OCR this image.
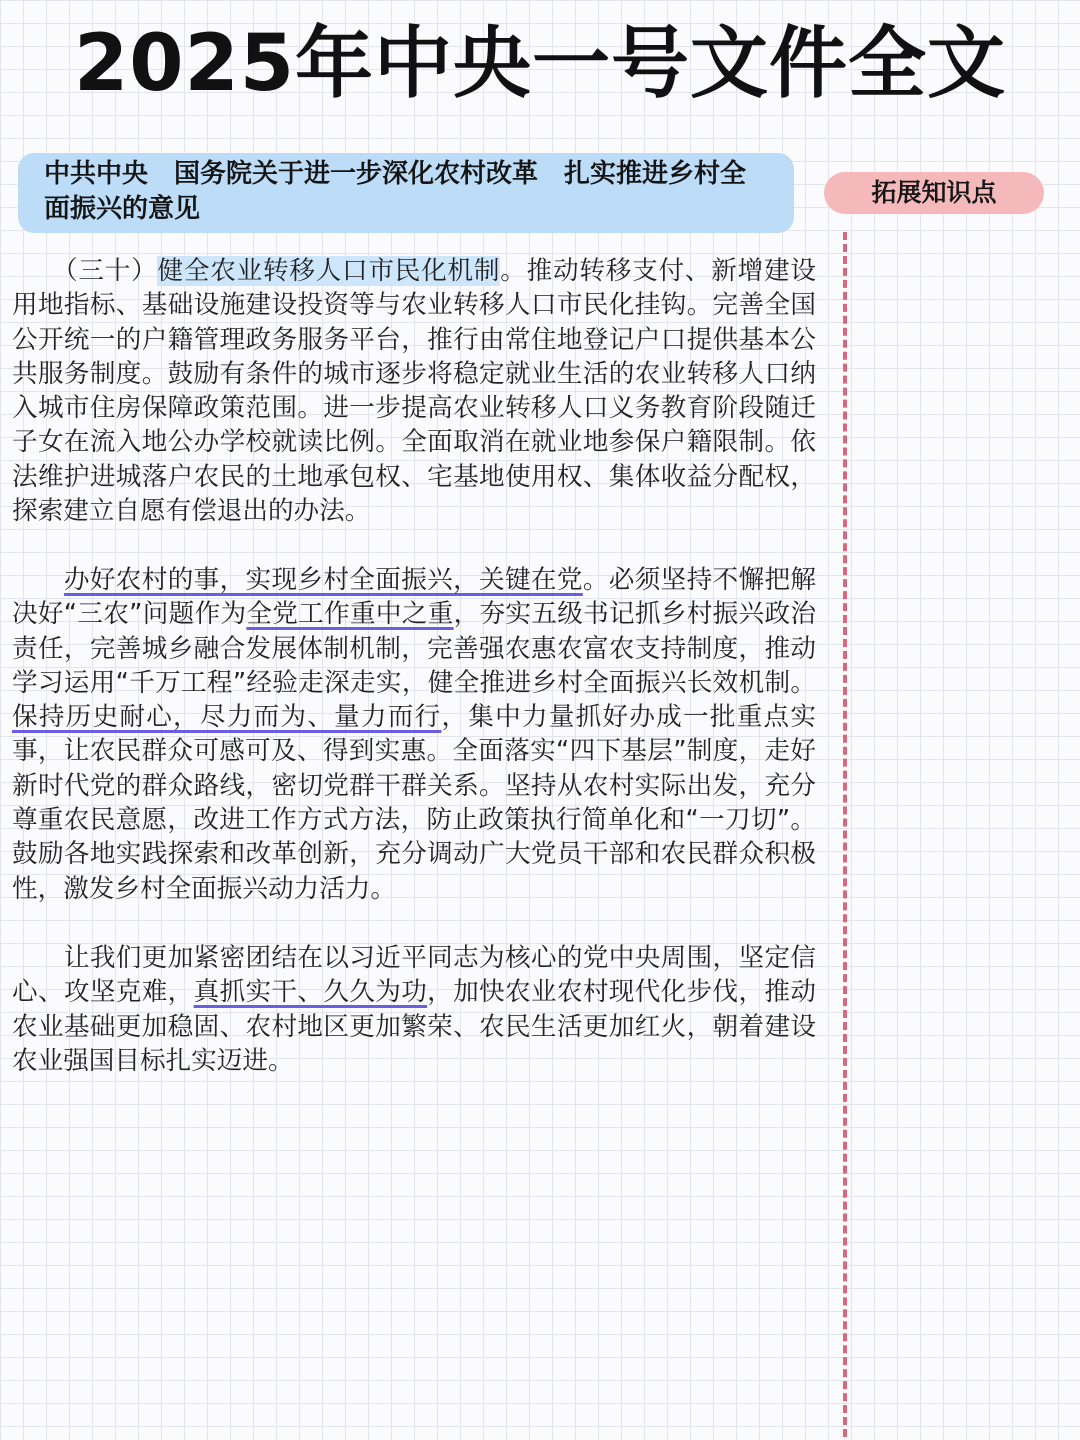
2025年中央一号文件全文
中共中央　国务院关于进一步深化农村改革　扎实推进乡村全面振兴的意见
拓展知识点

　　（三十）健全农业转移人口市民化机制。推动转移支付、新增建设用地指标、基础设施建设投资等与农业转移人口市民化挂钩。完善全国公开统一的户籍管理政务服务平台，推行由常住地登记户口提供基本公共服务制度。鼓励有条件的城市逐步将稳定就业生活的农业转移人口纳入城市住房保障政策范围。进一步提高农业转移人口义务教育阶段随迁子女在流入地公办学校就读比例。全面取消在就业地参保户籍限制。依法维护进城落户农民的土地承包权、宅基地使用权、集体收益分配权，探索建立自愿有偿退出的办法。

　　办好农村的事，实现乡村全面振兴，关键在党。必须坚持不懈把解决好“三农”问题作为全党工作重中之重，夯实五级书记抓乡村振兴政治责任，完善城乡融合发展体制机制，完善强农惠农富农支持制度，推动学习运用“千万工程”经验走深走实，健全推进乡村全面振兴长效机制。保持历史耐心，尽力而为、量力而行，集中力量抓好办成一批重点实事，让农民群众可感可及、得到实惠。全面落实“四下基层”制度，走好新时代党的群众路线，密切党群干群关系。坚持从农村实际出发，充分尊重农民意愿，改进工作方式方法，防止政策执行简单化和“一刀切”。鼓励各地实践探索和改革创新，充分调动广大党员干部和农民群众积极性，激发乡村全面振兴动力活力。

　　让我们更加紧密团结在以习近平同志为核心的党中央周围，坚定信心、攻坚克难，真抓实干、久久为功，加快农业农村现代化步伐，推动农业基础更加稳固、农村地区更加繁荣、农民生活更加红火，朝着建设农业强国目标扎实迈进。
